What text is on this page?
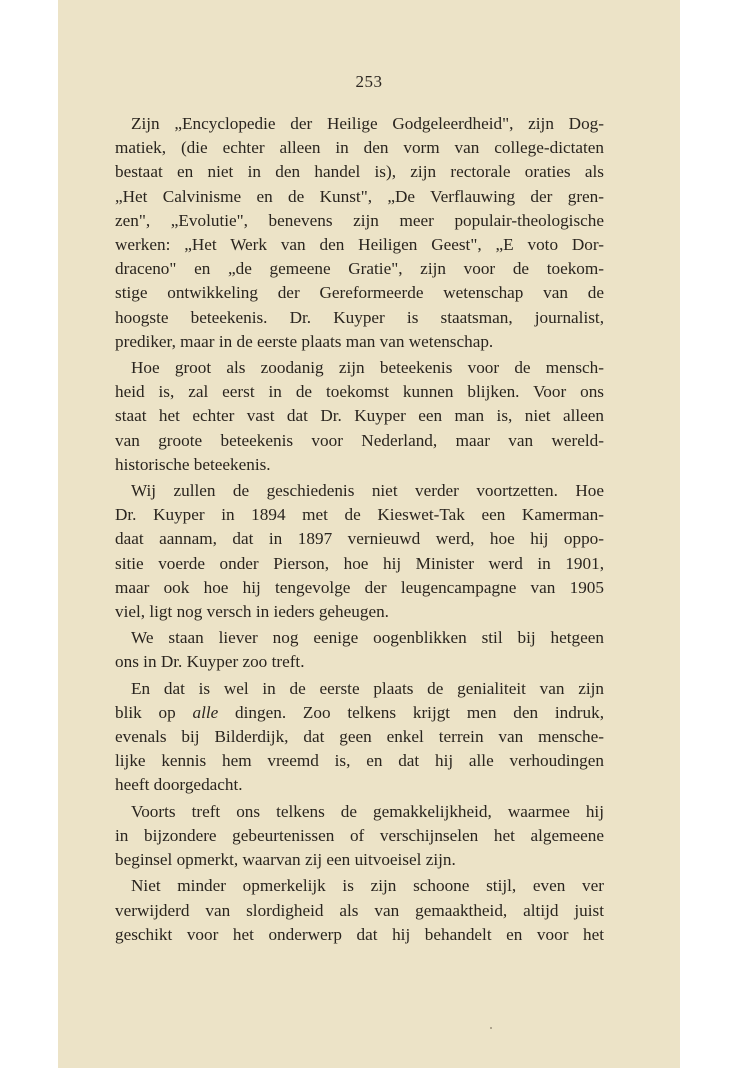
253
Zijn „Encyclopedie der Heilige Godgeleerdheid", zijn Dog-
matiek, (die echter alleen in den vorm van college-dictaten
bestaat en niet in den handel is), zijn rectorale oraties als
„Het Calvinisme en de Kunst", „De Verflauwing der gren-
zen", „Evolutie", benevens zijn meer populair-theologische
werken: „Het Werk van den Heiligen Geest", „E voto Dor-
draceno" en „de gemeene Gratie", zijn voor de toekom-
stige ontwikkeling der Gereformeerde wetenschap van de
hoogste beteekenis. Dr. Kuyper is staatsman, journalist,
prediker, maar in de eerste plaats man van wetenschap.
Hoe groot als zoodanig zijn beteekenis voor de mensch-
heid is, zal eerst in de toekomst kunnen blijken. Voor ons
staat het echter vast dat Dr. Kuyper een man is, niet alleen
van groote beteekenis voor Nederland, maar van wereld-
historische beteekenis.
Wij zullen de geschiedenis niet verder voortzetten. Hoe
Dr. Kuyper in 1894 met de Kieswet-Tak een Kamerman-
daat aannam, dat in 1897 vernieuwd werd, hoe hij oppo-
sitie voerde onder Pierson, hoe hij Minister werd in 1901,
maar ook hoe hij tengevolge der leugencampagne van 1905
viel, ligt nog versch in ieders geheugen.
We staan liever nog eenige oogenblikken stil bij hetgeen
ons in Dr. Kuyper zoo treft.
En dat is wel in de eerste plaats de genialiteit van zijn
blik op alle dingen. Zoo telkens krijgt men den indruk,
evenals bij Bilderdijk, dat geen enkel terrein van mensche-
lijke kennis hem vreemd is, en dat hij alle verhoudingen
heeft doorgedacht.
Voorts treft ons telkens de gemakkelijkheid, waarmee hij
in bijzondere gebeurtenissen of verschijnselen het algemeene
beginsel opmerkt, waarvan zij een uitvoeisel zijn.
Niet minder opmerkelijk is zijn schoone stijl, even ver
verwijderd van slordigheid als van gemaaktheid, altijd juist
geschikt voor het onderwerp dat hij behandelt en voor het
